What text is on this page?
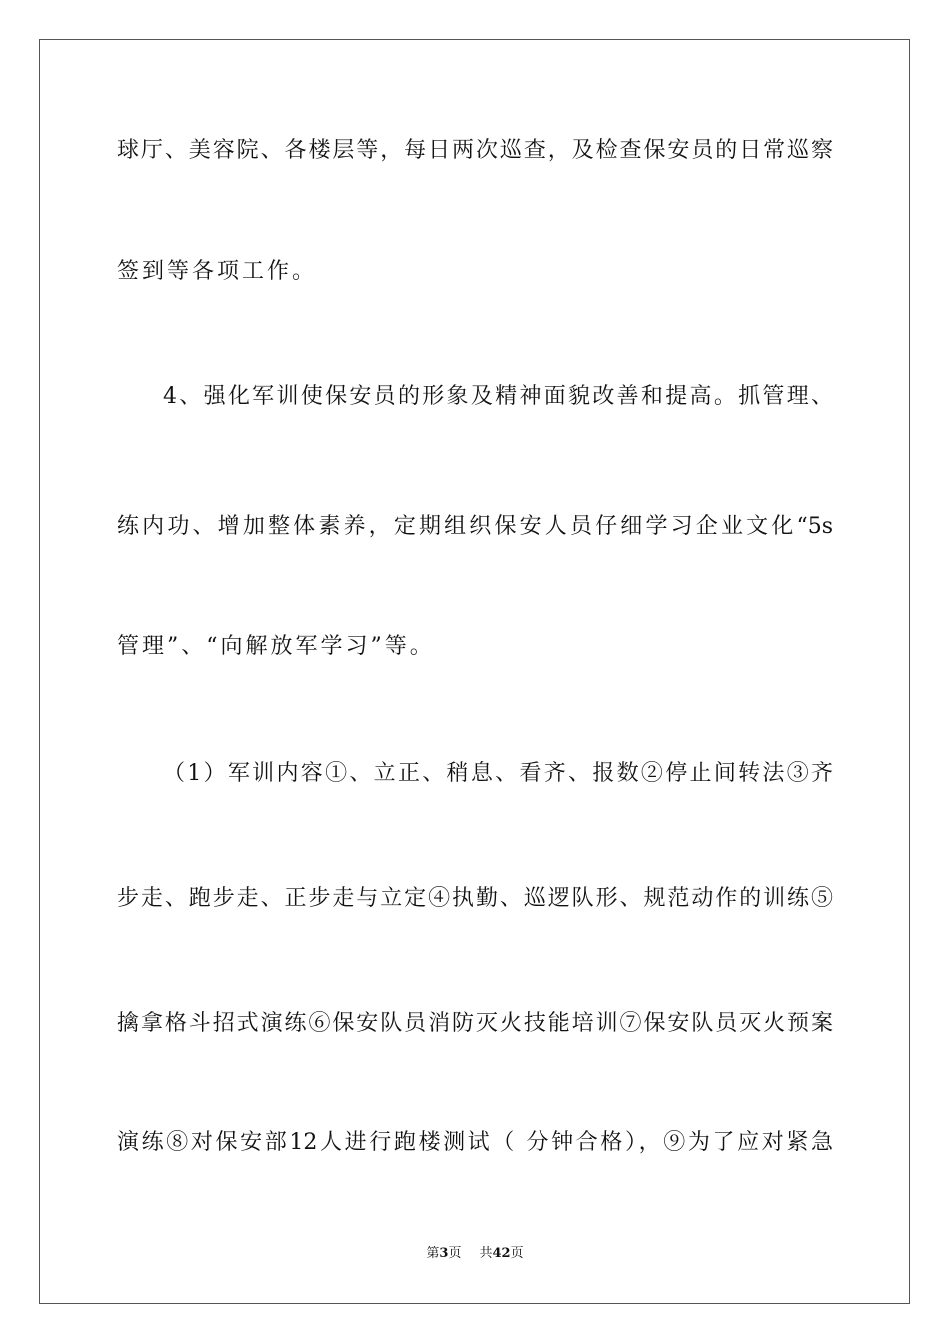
球厅、美容院、各楼层等，每日两次巡查，及检查保安员的日常巡察
签到等各项工作。
4、强化军训使保安员的形象及精神面貌改善和提高。抓管理、
练内功、增加整体素养，定期组织保安人员仔细学习企业文化“5s
管理”、“向解放军学习”等。
（1）军训内容①、立正、稍息、看齐、报数②停止间转法③齐
步走、跑步走、正步走与立定④执勤、巡逻队形、规范动作的训练⑤
擒拿格斗招式演练⑥保安队员消防灭火技能培训⑦保安队员灭火预案
演练⑧对保安部12人进行跑楼测试（ 分钟合格），⑨为了应对紧急
第3页 共42页
